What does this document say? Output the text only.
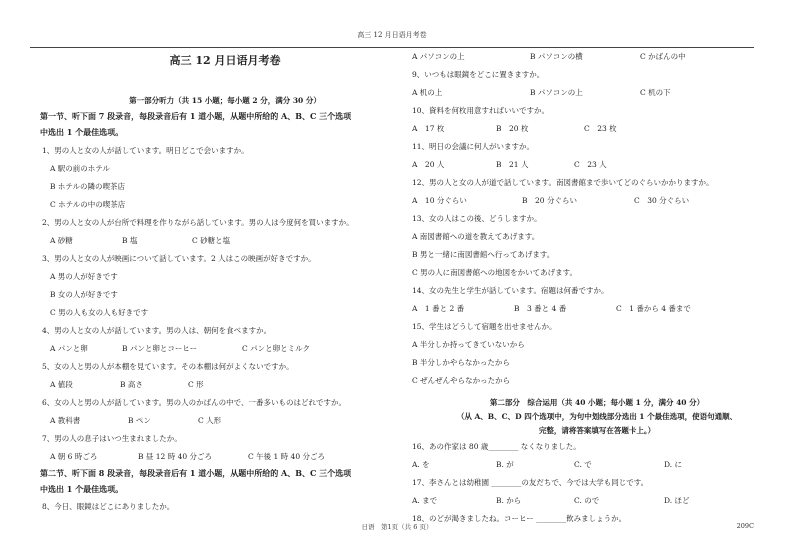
高三 12 月日语月考卷
高三 12 月日语月考卷
第一部分听力（共 15 小题；每小题 2 分，满分 30 分）
第一节、听下面 7 段录音，每段录音后有 1 道小题，从题中所给的 A、B、C 三个选项
中选出 1 个最佳选项。
1、男の人と女の人が話しています。明日どこで会いますか。
A 駅の前のホテル
B ホテルの隣の喫茶店
C ホテルの中の喫茶店
2、男の人と女の人が台所で料理を作りながら話しています。男の人は今度何を買いますか。
A 砂糖	B 塩	C 砂糖と塩
3、男の人と女の人が映画について話しています。2 人はこの映画が好きですか。
A 男の人が好きです
B 女の人が好きです
C 男の人も女の人も好きです
4、男の人と女の人が話しています。男の人は、朝何を食べますか。
A パンと卵	B パンと卵とコーヒー	C パンと卵とミルク
5、女の人と男の人が本棚を見ています。その本棚は何がよくないですか。
A 値段	B 高さ	C 形
6、女の人と男の人が話しています。男の人のかばんの中で、一番多いものはどれですか。
A 教科書	B ペン	C 人形
7、男の人の息子はいつ生まれましたか。
A 朝 6 時ごろ	B 昼 12 時 40 分ごろ	C 午後 1 時 40 分ごろ
第二节、听下面 8 段录音，每段录音后有 1 道小题，从题中所给的 A、B、C 三个选项
中选出 1 个最佳选项。
8、今日、眼鏡はどこにありましたか。
A パソコンの上	B パソコンの横	C かばんの中
9、いつもは眼鏡をどこに置きますか。
A 机の上	B パソコンの上	C 机の下
10、資料を何枚用意すればいいですか。
A　17 枚	B　20 枚	C　23 枚
11、明日の会議に何人がいますか。
A　20 人	B　21 人	C　23 人
12、男の人と女の人が道で話しています。南図書館まで歩いてどのぐらいかかりますか。
A　10 分ぐらい	B　20 分ぐらい	C　30 分ぐらい
13、女の人はこの後、どうしますか。
A 南図書館への道を教えてあげます。
B 男と一緒に南図書館へ行ってあげます。
C 男の人に南図書館への地図をかいてあげます。
14、女の先生と学生が話しています。宿題は何番ですか。
A　1 番と 2 番	B　3 番と 4 番	C　1 番から 4 番まで
15、学生はどうして宿題を出せませんか。
A 半分しか持ってきていないから
B 半分しかやらなかったから
C ぜんぜんやらなかったから
第二部分　综合运用（共 40 小题；每小题 1 分，满分 40 分）
（从 A、B、C、D 四个选项中，为句中划线部分选出 1 个最佳选项，使语句通顺、
完整，请将答案填写在答题卡上。）
16、あの作家は 80 歳________ なくなりました。
A. を	B. が	C. で	D. に
17、李さんとは幼稚園 ________の友だちで、今では大学も同じです。
A. まで	B. から	C. ので	D. ほど
18、のどが渇きましたね。コーヒー ________飲みましょうか。
日语　第1页（共 6 页）	209C
